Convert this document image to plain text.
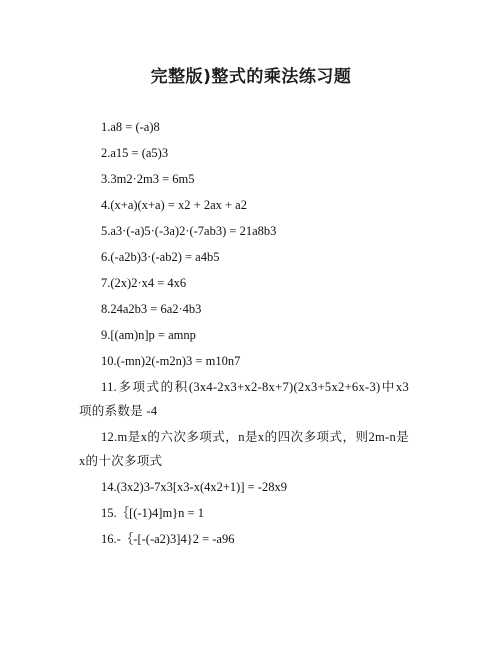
完整版)整式的乘法练习题

1.a8 = (-a)8

2.a15 = (a5)3

3.3m2·2m3 = 6m5

4.(x+a)(x+a) = x2 + 2ax + a2

5.a3·(-a)5·(-3a)2·(-7ab3) = 21a8b3

6.(-a2b)3·(-ab2) = a4b5

7.(2x)2·x4 = 4x6

8.24a2b3 = 6a2·4b3

9.[(am)n]p = amnp

10.(-mn)2(-m2n)3 = m10n7

11.多项式的积(3x4-2x3+x2-8x+7)(2x3+5x2+6x-3)中x3项的系数是 -4

12.m是x的六次多项式，n是x的四次多项式，则2m-n是x的十次多项式

14.(3x2)3-7x3[x3-x(4x2+1)] = -28x9

15.｛[(-1)4]m}n = 1

16.-｛-[-(-a2)3]4}2 = -a96
